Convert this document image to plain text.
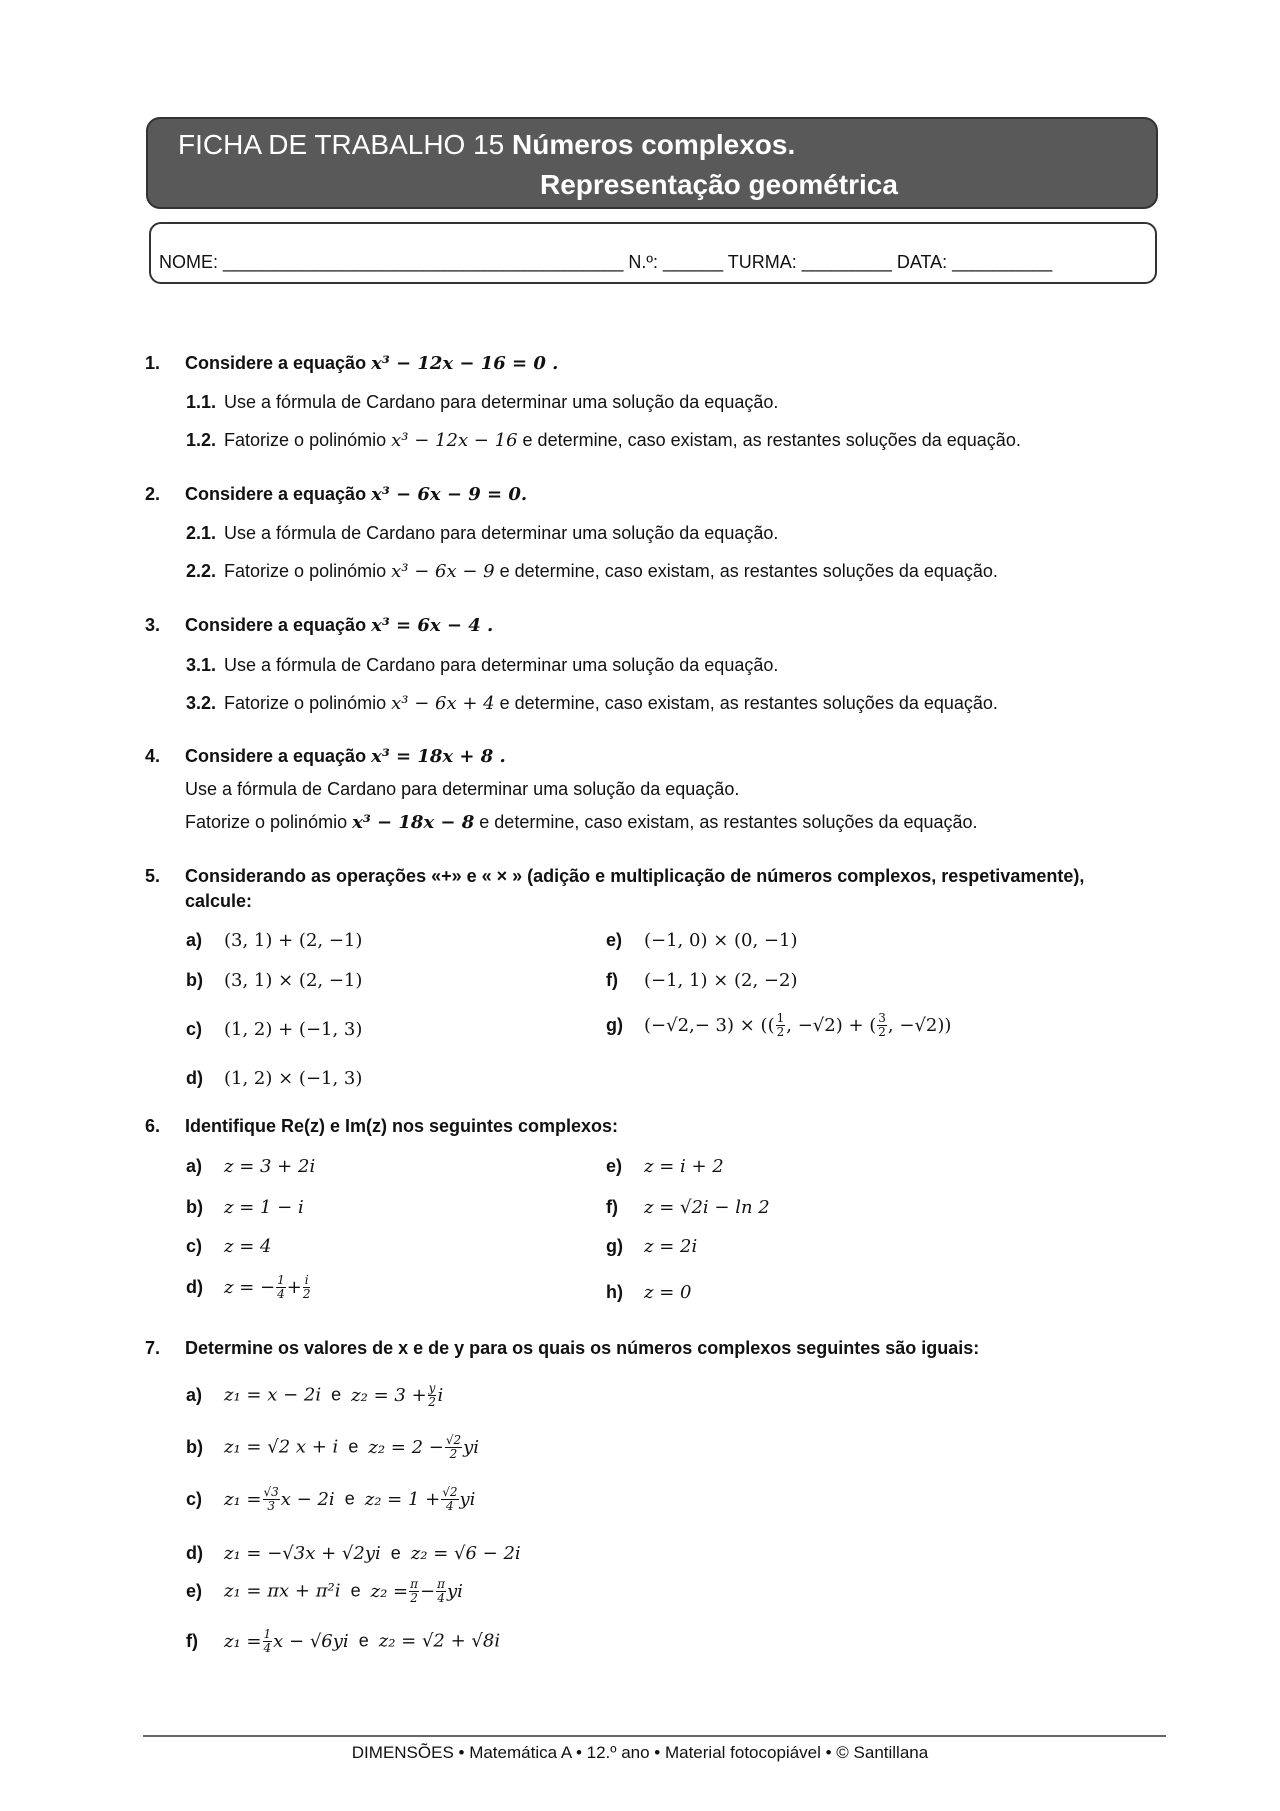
FICHA DE TRABALHO 15 Números complexos.
Representação geométrica
NOME: ________________________________________ N.º: ______ TURMA: _________ DATA: __________
1. Considere a equação x³ − 12x − 16 = 0 .
1.1. Use a fórmula de Cardano para determinar uma solução da equação.
1.2. Fatorize o polinómio x³ − 12x − 16 e determine, caso existam, as restantes soluções da equação.
2. Considere a equação x³ − 6x − 9 = 0.
2.1. Use a fórmula de Cardano para determinar uma solução da equação.
2.2. Fatorize o polinómio x³ − 6x − 9 e determine, caso existam, as restantes soluções da equação.
3. Considere a equação x³ = 6x − 4 .
3.1. Use a fórmula de Cardano para determinar uma solução da equação.
3.2. Fatorize o polinómio x³ − 6x + 4 e determine, caso existam, as restantes soluções da equação.
4. Considere a equação x³ = 18x + 8 .
Use a fórmula de Cardano para determinar uma solução da equação.
Fatorize o polinómio x³ − 18x − 8 e determine, caso existam, as restantes soluções da equação.
5. Considerando as operações «+» e « × » (adição e multiplicação de números complexos, respetivamente),
calcule:
a) (3, 1) + (2, −1)
b) (3, 1) × (2, −1)
c) (1, 2) + (−1, 3)
d) (1, 2) × (−1, 3)
e) (−1, 0) × (0, −1)
f) (−1, 1) × (2, −2)
g) (−√2,− 3) × (( $\frac{1}{2}$ , −√2) + ( $\frac{3}{2}$ , −√2))
6. Identifique Re(z) e Im(z) nos seguintes complexos:
a) z = 3 + 2i
b) z = 1 − i
c) z = 4
d) z = − $\frac{1}{4} + \frac{i}{2}$
e) z = i + 2
f) z = √2i − ln 2
g) z = 2i
h) z = 0
7. Determine os valores de x e de y para os quais os números complexos seguintes são iguais:
a) z₁ = x − 2i e $z_2 = 3 + \frac{y}{2}$ i
b) z₁ = √2 x + i e $z_2 = 2 - \frac{√2}{2}$ yi
c) $z_1 = \frac{√3}{3}$ x − 2i e $z_2 = 1 + \frac{√2}{4}$ yi
d) z₁ = −√3x + √2yi e z₂ = √6 − 2i
e) z₁ = πx + π²i e $z_2 = \frac{\pi}{2} - \frac{\pi}{4}$ yi
f) $z_1 = \frac{1}{4}$ x − √6yi e z₂ = √2 + √8i
DIMENSÕES • Matemática A • 12.º ano • Material fotocopiável • © Santillana
